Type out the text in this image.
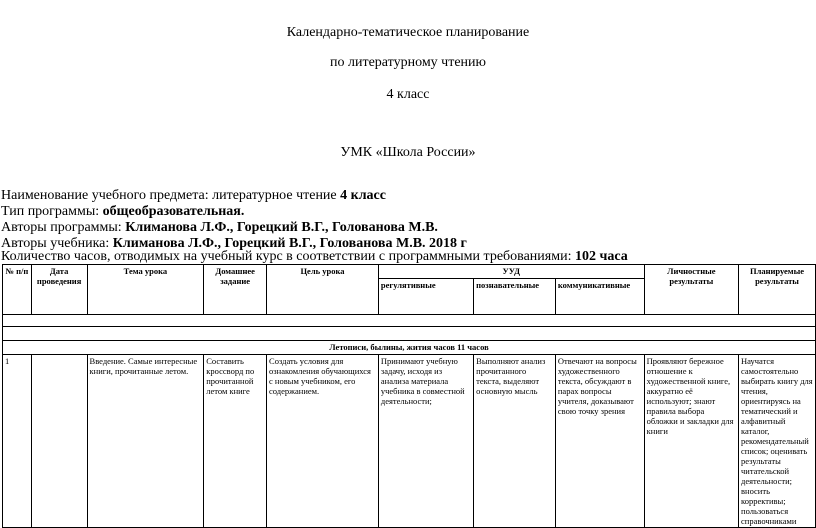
Календарно-тематическое планирование
по литературному чтению
4 класс
УМК «Школа России»
Наименование учебного предмета: литературное чтение 4 класс
Тип программы: общеобразовательная.
Авторы программы: Климанова Л.Ф., Горецкий В.Г., Голованова М.В.
Авторы учебника: Климанова Л.Ф., Горецкий В.Г., Голованова М.В. 2018 г
Количество часов, отводимых на учебный курс в соответствии с программными требованиями: 102 часа
№ п/п	Дата проведения	Тема урока	Домашнее задание	Цель урока	УУД			Личностные результаты	Планируемые результаты
					регулятивные	познавательные	коммуникативные		

Летописи, былины, жития часов 11 часов									

1		Введение. Самые интересные книги, прочитанные летом.	Составить кроссворд по прочитанной летом книге	Создать условия для ознакомления обучающихся с новым учебником, его содержанием.	Принимают учебную задачу, исходя из анализа материала учебника в совместной деятельности;	Выполняют анализ прочитанного текста, выделяют основную мысль	Отвечают на вопросы художественного текста, обсуждают в парах вопросы учителя, доказывают свою точку зрения	Проявляют бережное отношение к художественной книге, аккуратно её используют; знают правила выбора обложки и закладки для книги	Научатся самостоятельно выбирать книгу для чтения, ориентируясь на тематический и алфавитный каталог, рекомендательный список; оценивать результаты читательской деятельности; вносить коррективы; пользоваться справочниками
